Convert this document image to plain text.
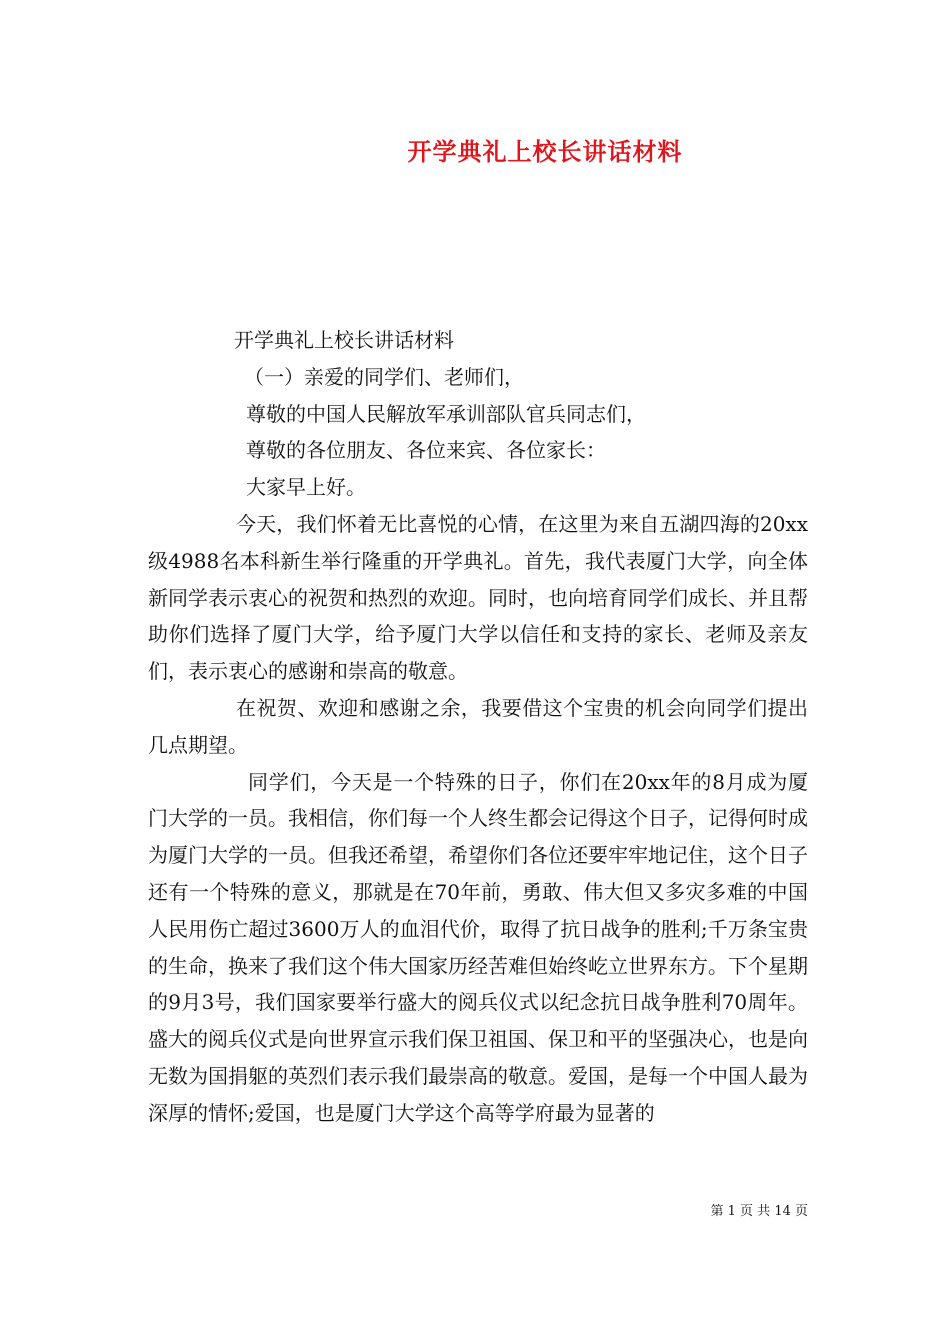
开学典礼上校长讲话材料
开学典礼上校长讲话材料
（一）亲爱的同学们、老师们，
尊敬的中国人民解放军承训部队官兵同志们，
尊敬的各位朋友、各位来宾、各位家长：
大家早上好。

今天，我们怀着无比喜悦的心情，在这里为来自五湖四海的20xx级4988名本科新生举行隆重的开学典礼。首先，我代表厦门大学，向全体新同学表示衷心的祝贺和热烈的欢迎。同时，也向培育同学们成长、并且帮助你们选择了厦门大学，给予厦门大学以信任和支持的家长、老师及亲友们，表示衷心的感谢和崇高的敬意。

在祝贺、欢迎和感谢之余，我要借这个宝贵的机会向同学们提出几点期望。

同学们，今天是一个特殊的日子，你们在20xx年的8月成为厦门大学的一员。我相信，你们每一个人终生都会记得这个日子，记得何时成为厦门大学的一员。但我还希望，希望你们各位还要牢牢地记住，这个日子还有一个特殊的意义，那就是在70年前，勇敢、伟大但又多灾多难的中国人民用伤亡超过3600万人的血泪代价，取得了抗日战争的胜利;千万条宝贵的生命，换来了我们这个伟大国家历经苦难但始终屹立世界东方。下个星期的9月3号，我们国家要举行盛大的阅兵仪式以纪念抗日战争胜利70周年。盛大的阅兵仪式是向世界宣示我们保卫祖国、保卫和平的坚强决心，也是向无数为国捐躯的英烈们表示我们最崇高的敬意。爱国，是每一个中国人最为深厚的情怀;爱国，也是厦门大学这个高等学府最为显著的

第 1 页 共 14 页
